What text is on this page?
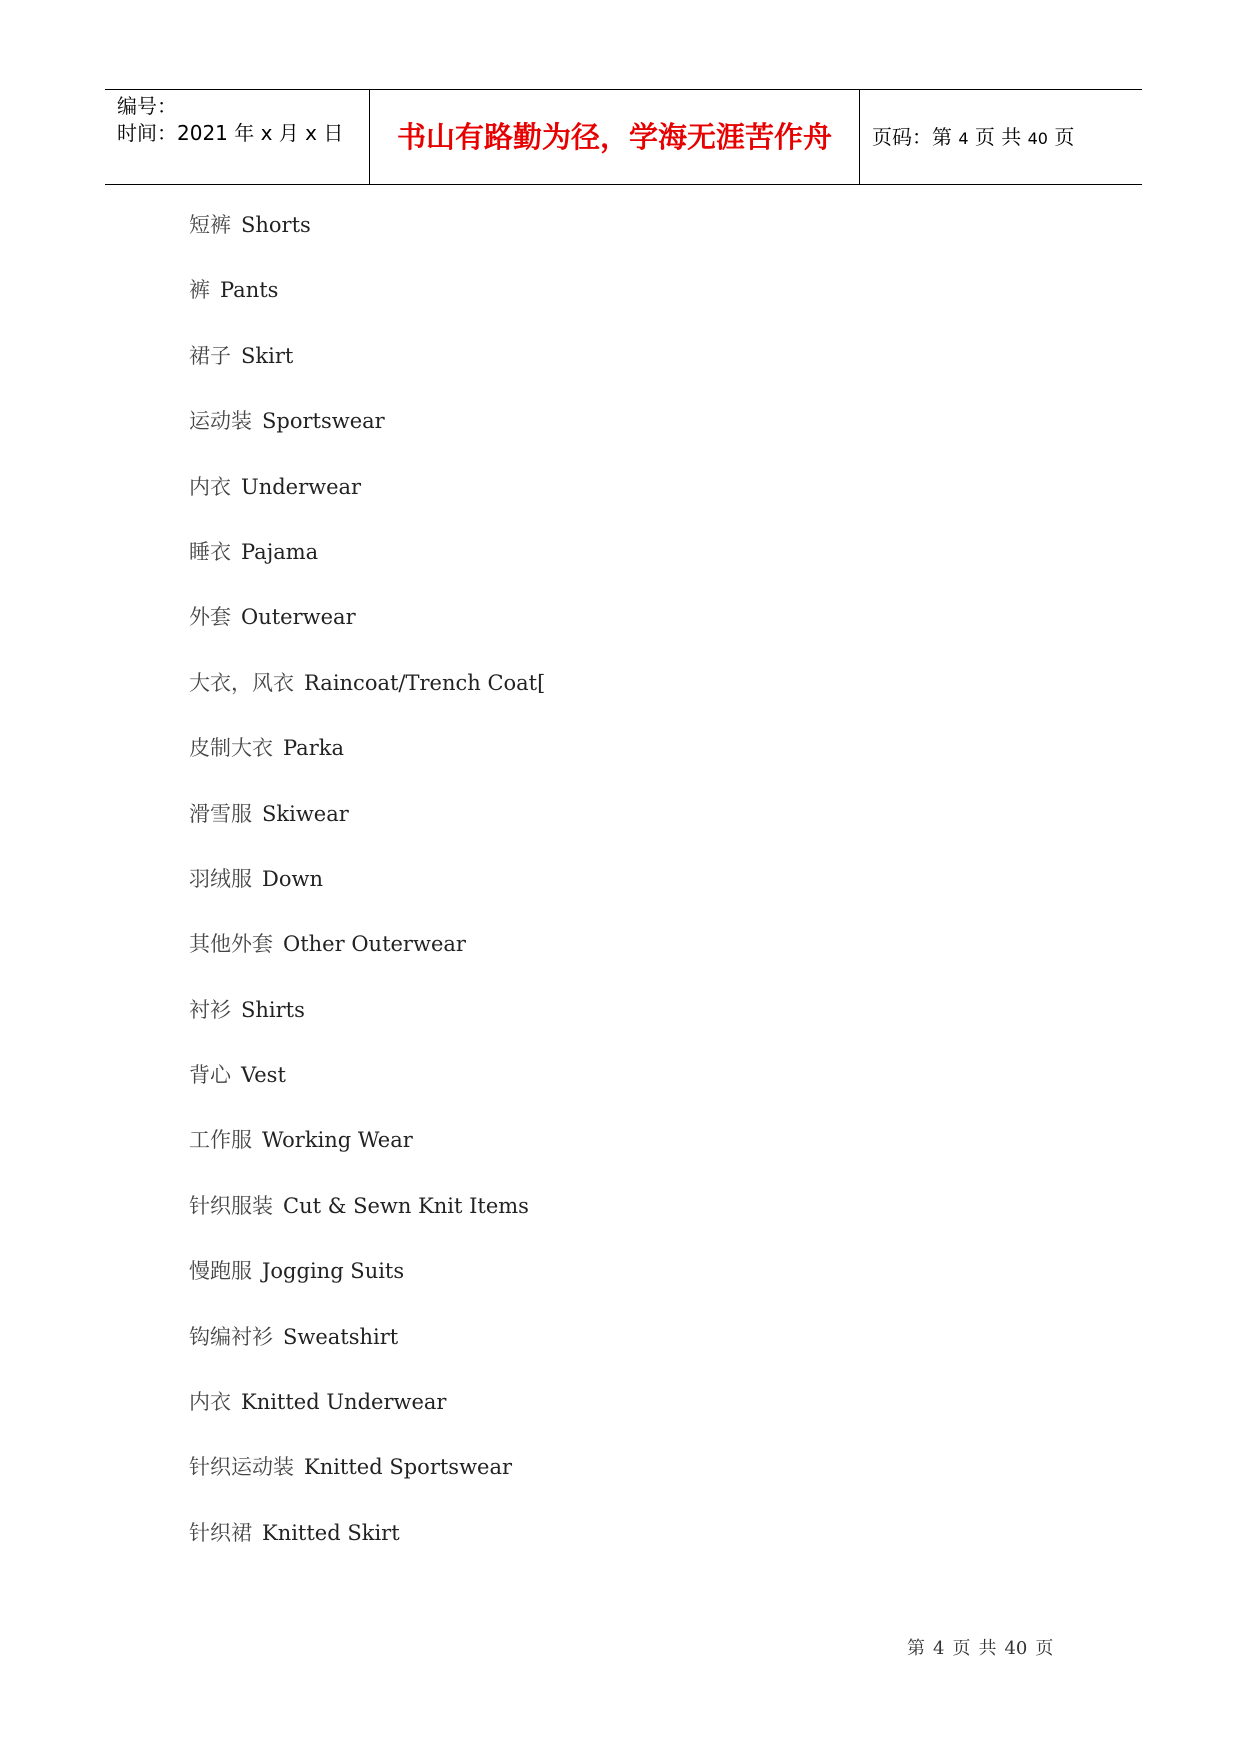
编号：
时间：2021 年 x 月 x 日	书山有路勤为径，学海无涯苦作舟	页码：第 4 页 共 40 页
短裤 Shorts
裤 Pants
裙子 Skirt
运动装 Sportswear
内衣 Underwear
睡衣 Pajama
外套 Outerwear
大衣，风衣 Raincoat/Trench Coat[
皮制大衣 Parka
滑雪服 Skiwear
羽绒服 Down
其他外套 Other Outerwear
衬衫 Shirts
背心 Vest
工作服 Working Wear
针织服装 Cut & Sewn Knit Items
慢跑服 Jogging Suits
钩编衬衫 Sweatshirt
内衣 Knitted Underwear
针织运动装 Knitted Sportswear
针织裙 Knitted Skirt
第 4 页 共 40 页
